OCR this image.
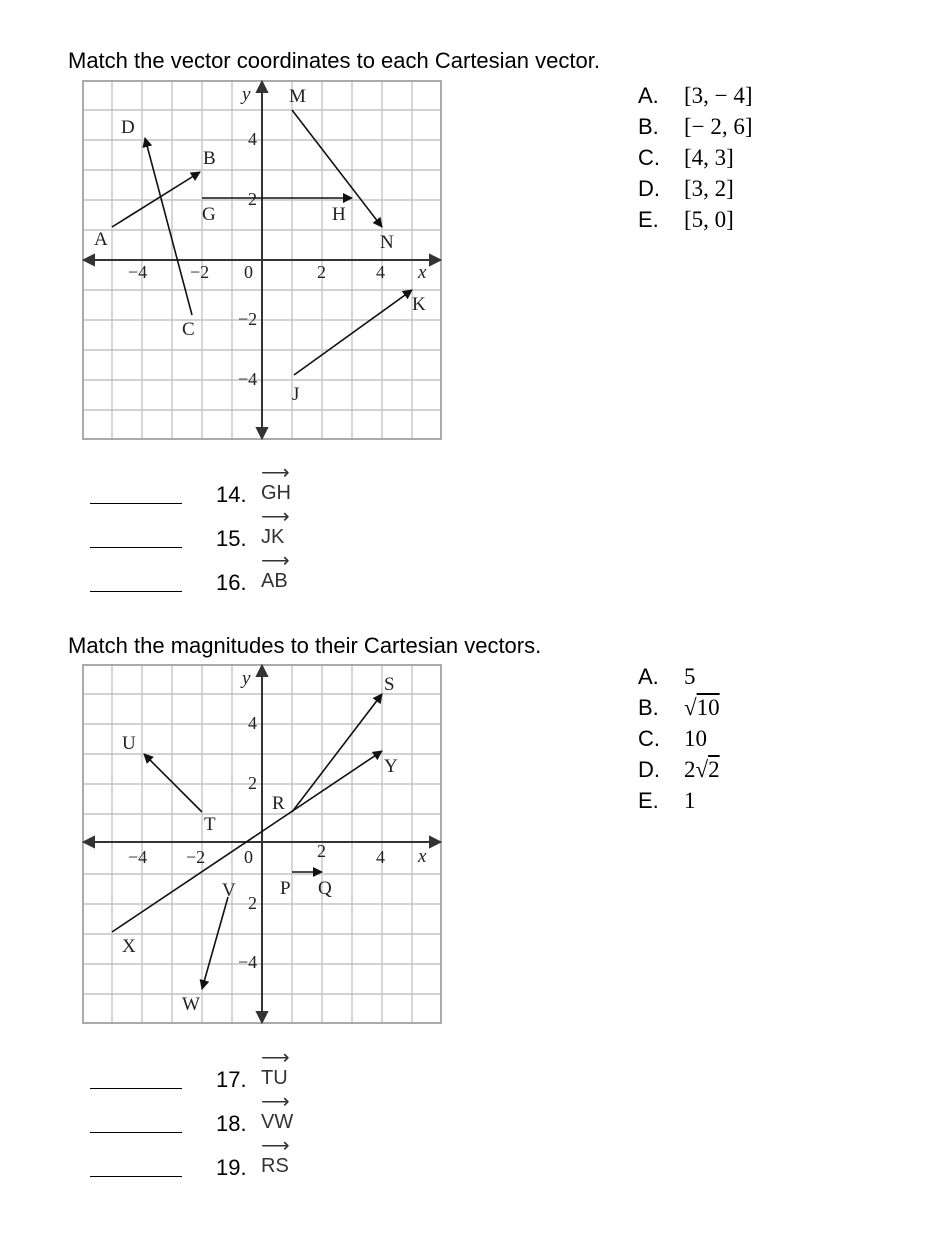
Match the vector coordinates to each Cartesian vector.
y
x
−4 −2 0	2	4
4
2
−2
−4
A
B
C
D
G	H
J
K
M
N
A. [3, − 4]
B. [− 2, 6]
C. [4, 3]
D. [3, 2]
E. [5, 0]
14.
⟶
GH
15.
⟶
JK
16.
⟶
AB
Match the magnitudes to their Cartesian vectors.
y
x
−4 −2 0	2	4
4
2
2
−4
U
T
V
W
X
Y
S
R
P Q
A. 5
B. √10
C. 10
D. 2√2
E. 1
17.
⟶
TU
18.
⟶
VW
19.
⟶
RS
